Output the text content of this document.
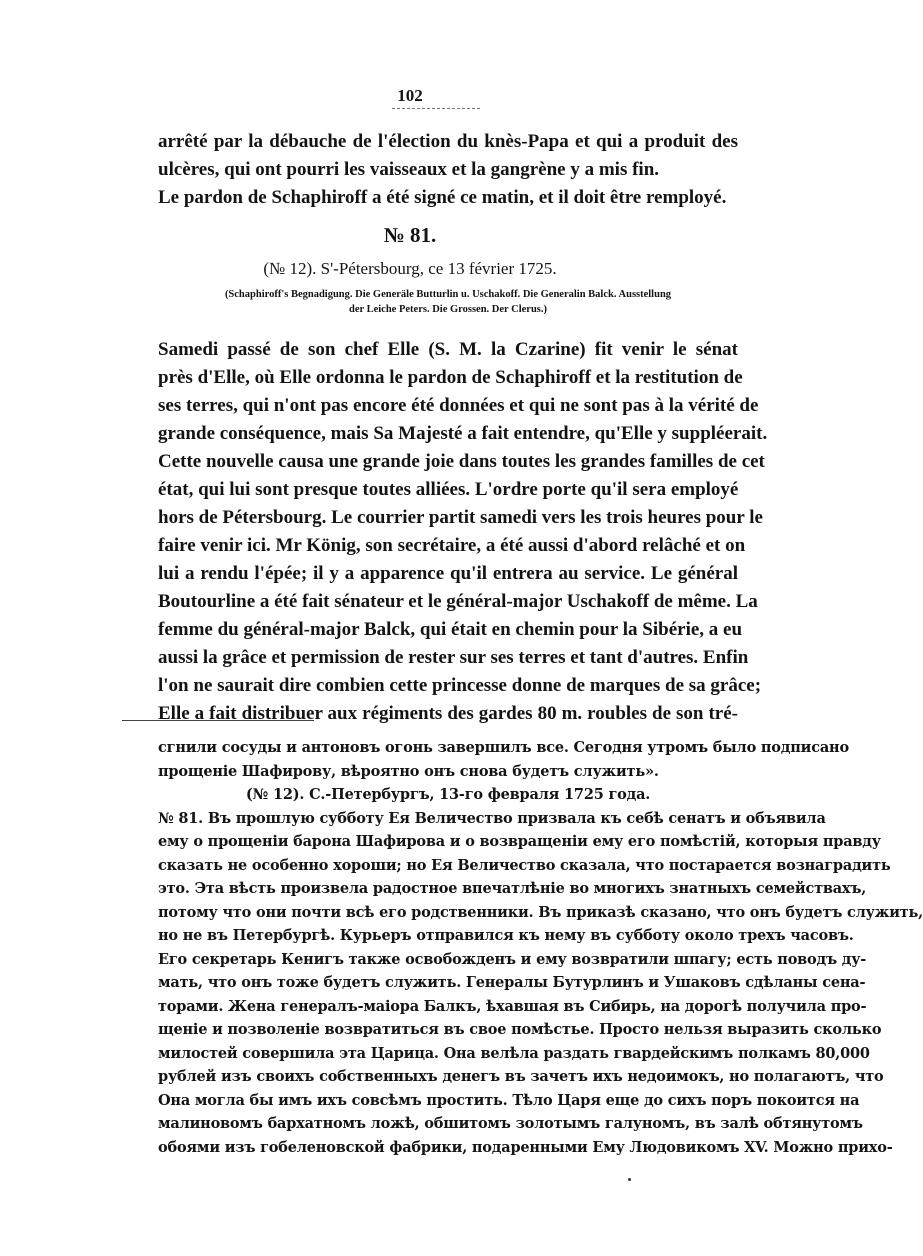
102
arrêté par la débauche de l'élection du knès-Papa et qui a produit des
ulcères, qui ont pourri les vaisseaux et la gangrène y a mis fin.
Le pardon de Schaphiroff a été signé ce matin, et il doit être remployé.
№ 81.
(№ 12). S'-Pétersbourg, ce 13 février 1725.
(Schaphiroff's Begnadigung. Die Generäle Butturlin u. Uschakoff. Die Generalin Balck. Ausstellung
der Leiche Peters. Die Grossen. Der Clerus.)
Samedi passé de son chef Elle (S. M. la Czarine) fit venir le sénat
près d'Elle, où Elle ordonna le pardon de Schaphiroff et la restitution de
ses terres, qui n'ont pas encore été données et qui ne sont pas à la vérité de
grande conséquence, mais Sa Majesté a fait entendre, qu'Elle y suppléerait.
Cette nouvelle causa une grande joie dans toutes les grandes familles de cet
état, qui lui sont presque toutes alliées. L'ordre porte qu'il sera employé
hors de Pétersbourg. Le courrier partit samedi vers les trois heures pour le
faire venir ici. Mr König, son secrétaire, a été aussi d'abord relâché et on
lui a rendu l'épée; il y a apparence qu'il entrera au service. Le général
Boutourline a été fait sénateur et le général-major Uschakoff de même. La
femme du général-major Balck, qui était en chemin pour la Sibérie, a eu
aussi la grâce et permission de rester sur ses terres et tant d'autres. Enfin
l'on ne saurait dire combien cette princesse donne de marques de sa grâce;
Elle a fait distribuer aux régiments des gardes 80 m. roubles de son tré-
сгнили сосуды и антоновъ огонь завершилъ все. Сегодня утромъ было подписано
прощеніе Шафирову, вѣроятно онъ снова будетъ служить».
(№ 12). С.-Петербургъ, 13-го февраля 1725 года.
№ 81. Въ прошлую субботу Ея Величество призвала къ себѣ сенатъ и объявила
ему о прощеніи барона Шафирова и о возвращеніи ему его помѣстій, которыя правду
сказать не особенно хороши; но Ея Величество сказала, что постарается вознаградить
это. Эта вѣсть произвела радостное впечатлѣніе во многихъ знатныхъ семействахъ,
потому что они почти всѣ его родственники. Въ приказѣ сказано, что онъ будетъ служить,
но не въ Петербургѣ. Курьеръ отправился къ нему въ субботу около трехъ часовъ.
Его секретарь Кенигъ также освобожденъ и ему возвратили шпагу; есть поводъ ду-
мать, что онъ тоже будетъ служить. Генералы Бутурлинъ и Ушаковъ сдѣланы сена-
торами. Жена генералъ-маіора Балкъ, ѣхавшая въ Сибирь, на дорогѣ получила про-
щеніе и позволеніе возвратиться въ свое помѣстье. Просто нельзя выразить сколько
милостей совершила эта Царица. Она велѣла раздать гвардейскимъ полкамъ 80,000
рублей изъ своихъ собственныхъ денегъ въ зачетъ ихъ недоимокъ, но полагаютъ, что
Она могла бы имъ ихъ совсѣмъ простить. Тѣло Царя еще до сихъ поръ покоится на
малиновомъ бархатномъ ложѣ, обшитомъ золотымъ галуномъ, въ залѣ обтянутомъ
обоями изъ гобеленовской фабрики, подаренными Ему Людовикомъ XV. Можно прихо-
